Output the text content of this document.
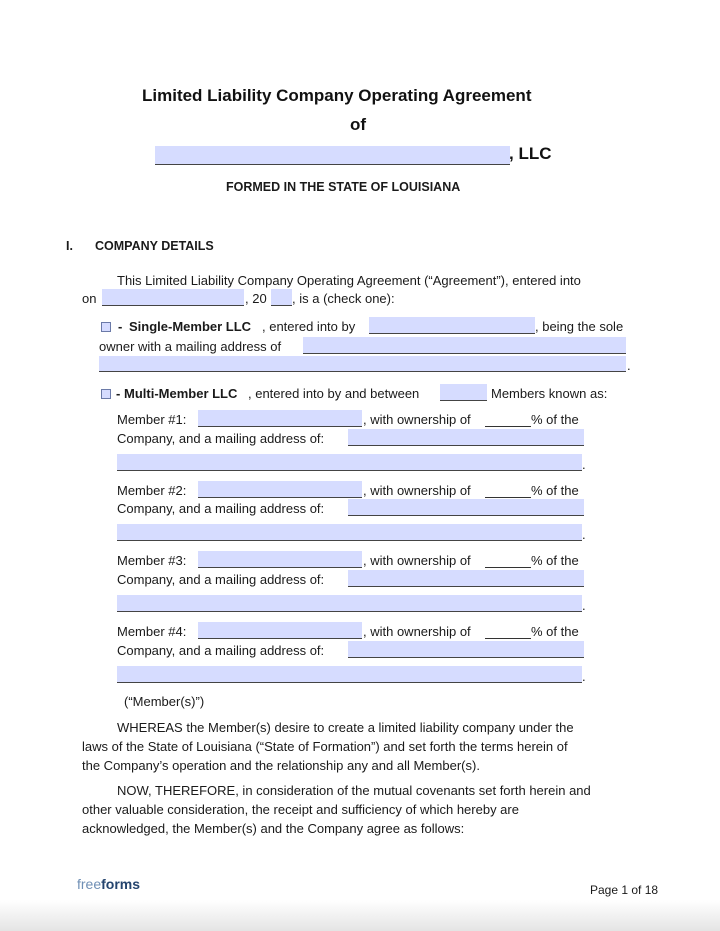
Limited Liability Company Operating Agreement
of
, LLC
FORMED IN THE STATE OF LOUISIANA
I. COMPANY DETAILS
This Limited Liability Company Operating Agreement (“Agreement”), entered into
on	, 20 , is a (check one):
- Single-Member LLC , entered into by	, being the sole
owner with a mailing address of
.
- Multi-Member LLC , entered into by and between	Members known as:
Member #1:	, with ownership of	% of the
Company, and a mailing address of:
.
Member #2:	, with ownership of	% of the
Company, and a mailing address of:
.
Member #3:	, with ownership of	% of the
Company, and a mailing address of:
.
Member #4:	, with ownership of	% of the
Company, and a mailing address of:
.
(“Member(s)”)
WHEREAS the Member(s) desire to create a limited liability company under the
laws of the State of Louisiana (“State of Formation”) and set forth the terms herein of
the Company’s operation and the relationship any and all Member(s).
NOW, THEREFORE, in consideration of the mutual covenants set forth herein and
other valuable consideration, the receipt and sufficiency of which hereby are
acknowledged, the Member(s) and the Company agree as follows:
freeforms	Page 1 of 18
